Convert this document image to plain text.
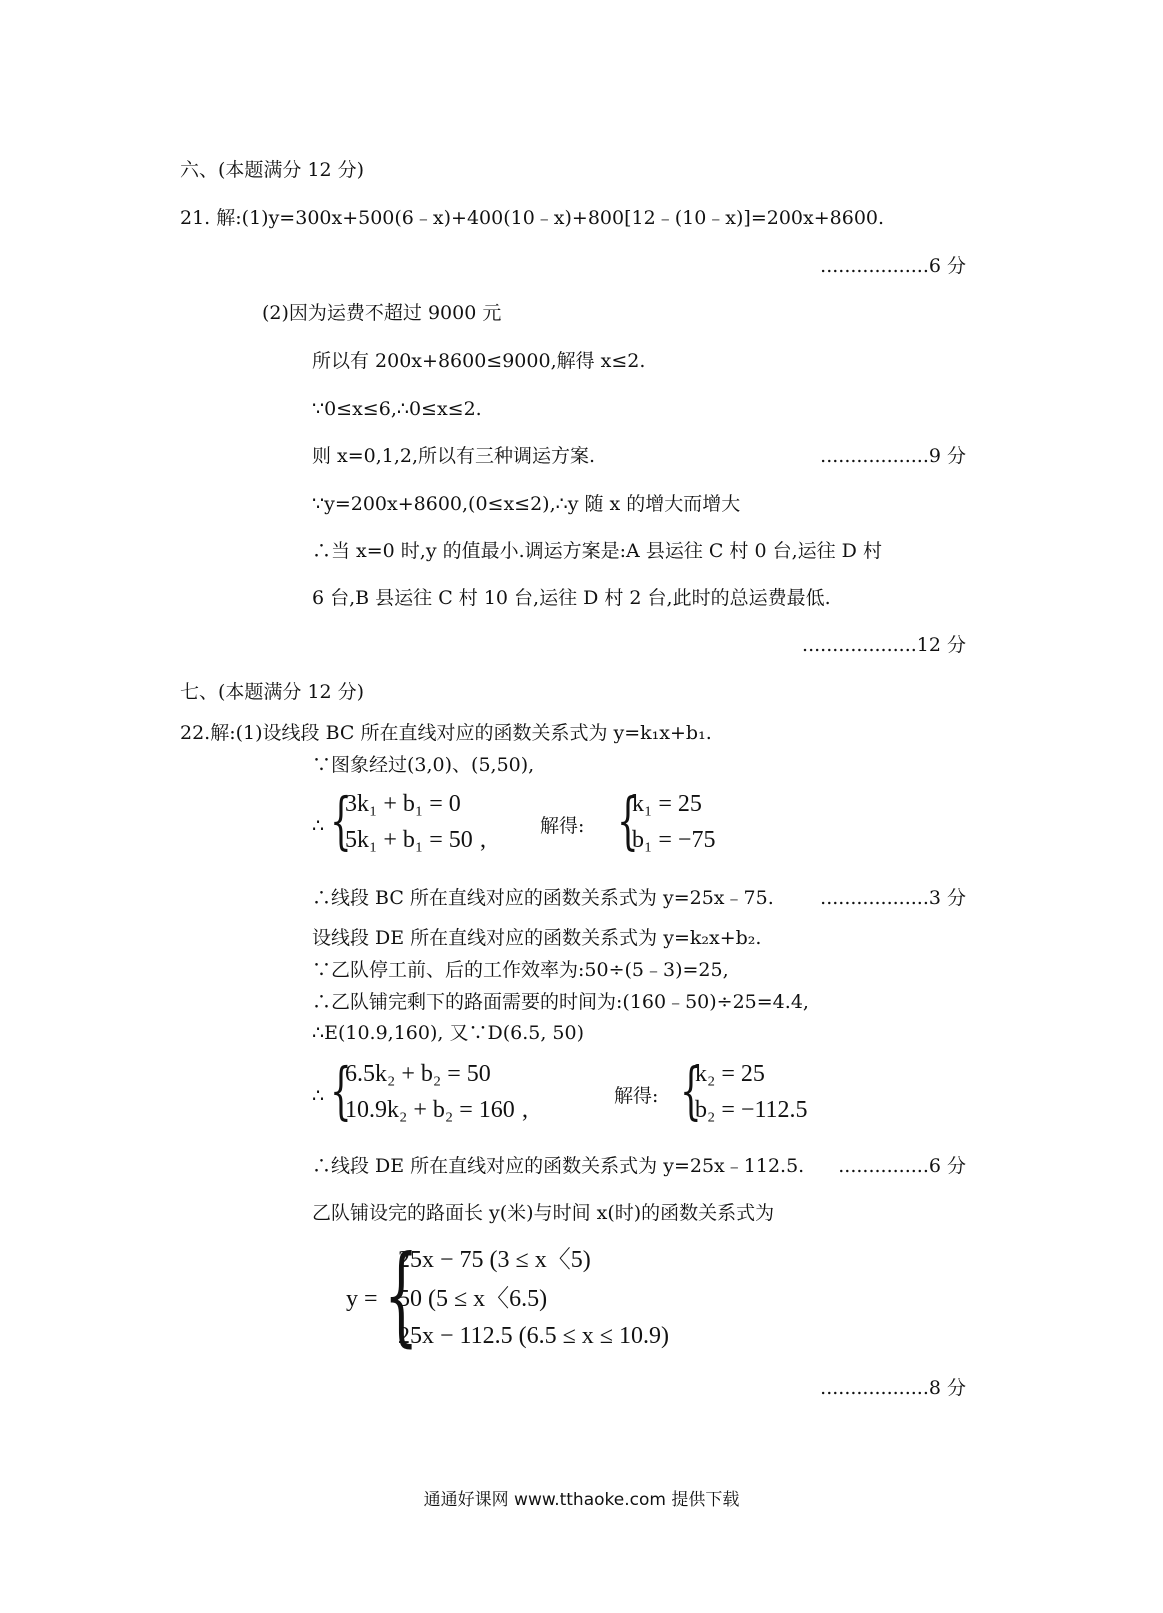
六、(本题满分 12 分)
21. 解:(1)y=300x+500(6﹣x)+400(10﹣x)+800[12﹣(10﹣x)]=200x+8600.
..................6 分
(2)因为运费不超过 9000 元
所以有 200x+8600≤9000,解得 x≤2.
∵0≤x≤6,∴0≤x≤2.
则 x=0,1,2,所以有三种调运方案.	..................9 分
∵y=200x+8600,(0≤x≤2),∴y 随 x 的增大而增大
∴当 x=0 时,y 的值最小.调运方案是:A 县运往 C 村 0 台,运往 D 村
6 台,B 县运往 C 村 10 台,运往 D 村 2 台,此时的总运费最低.
...................12 分
七、(本题满分 12 分)
22.解:(1)设线段 BC 所在直线对应的函数关系式为 y=k₁x+b₁.
∵图象经过(3,0)、(5,50),
∴ {
3k₁ + b₁ = 0
5k₁ + b₁ = 50 ,
解得: {
k₁ = 25
b₁ = −75
∴线段 BC 所在直线对应的函数关系式为 y=25x﹣75. ..................3 分
设线段 DE 所在直线对应的函数关系式为 y=k₂x+b₂.
∵乙队停工前、后的工作效率为:50÷(5﹣3)=25,
∴乙队铺完剩下的路面需要的时间为:(160﹣50)÷25=4.4,
∴E(10.9,160), 又∵D(6.5, 50)
∴ {
6.5k₂ + b₂ = 50
10.9k₂ + b₂ = 160 ,
解得: {
k₂ = 25
b₂ = −112.5
∴线段 DE 所在直线对应的函数关系式为 y=25x﹣112.5. ...............6 分
乙队铺设完的路面长 y(米)与时间 x(时)的函数关系式为
y = {
25x − 75 (3 ≤ x〈5)
50 (5 ≤ x〈6.5)
25x − 112.5 (6.5 ≤ x ≤ 10.9)
..................8 分
通通好课网 www.tthaoke.com 提供下载
